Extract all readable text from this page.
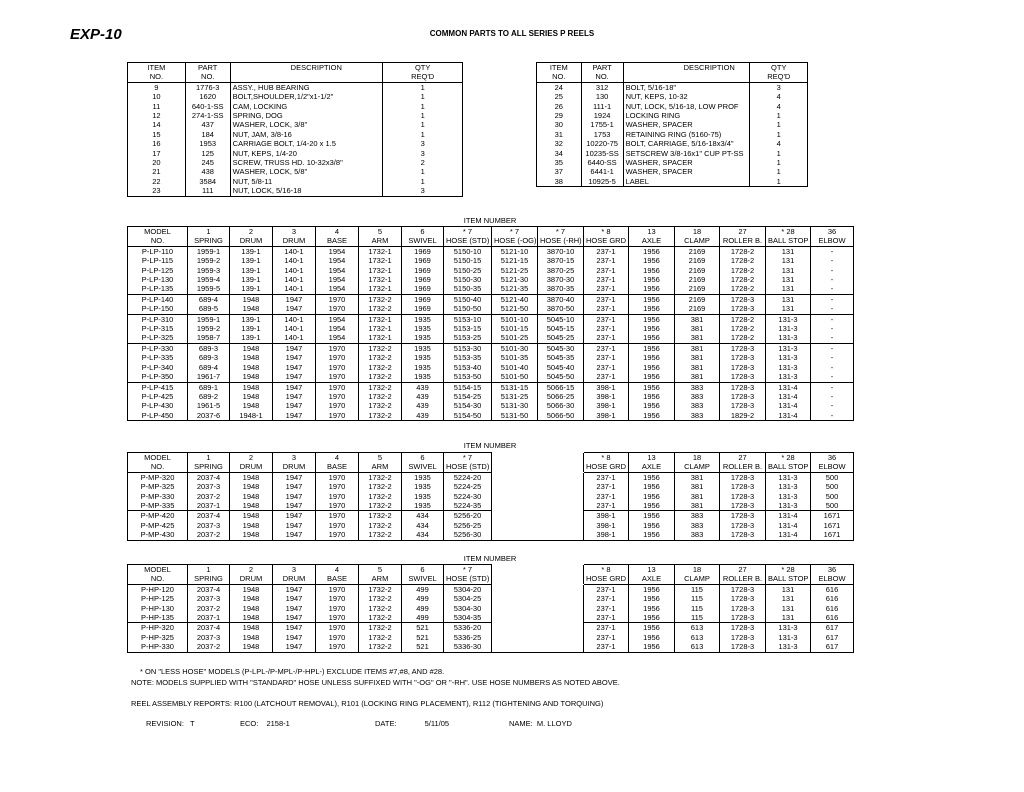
EXP-10	COMMON PARTS TO ALL SERIES P REELS
ITEM	PART	DESCRIPTION	QTY
NO.	NO.		REQ'D
9	1776-3	ASSY., HUB BEARING	1
10	1620	BOLT,SHOULDER,1/2"x1-1/2"	1
11	640-1-SS	CAM, LOCKING	1
12	274-1-SS	SPRING, DOG	1
14	437	WASHER, LOCK, 3/8"	1
15	184	NUT, JAM, 3/8-16	1
16	1953	CARRIAGE BOLT, 1/4-20 x 1.5	3
17	125	NUT, KEPS, 1/4-20	3
20	245	SCREW, TRUSS HD. 10-32x3/8"	2
21	438	WASHER, LOCK, 5/8"	1
22	3584	NUT, 5/8-11	1
23	111	NUT, LOCK, 5/16-18	3
ITEM	PART	DESCRIPTION	QTY
NO.	NO.		REQ'D
24	312	BOLT, 5/16-18"	3
25	130	NUT, KEPS, 10-32	4
26	111-1	NUT, LOCK, 5/16-18, LOW PROF	4
29	1924	LOCKING RING	1
30	1755-1	WASHER, SPACER	1
31	1753	RETAINING RING (5160-75)	1
32	10220-75	BOLT, CARRIAGE, 5/16-18x3/4"	4
34	10235-SS	SETSCREW 3/8-16x1" CUP PT-SS	1
35	6440-SS	WASHER, SPACER	1
37	6441-1	WASHER, SPACER	1
38	10925-5	LABEL	1
ITEM NUMBER
MODEL	1	2	3	4	5	6	* 7	* 7	* 7	* 8	13	18	27	* 28	36
NO.	SPRING	DRUM	DRUM	BASE	ARM	SWIVEL	HOSE (STD)	HOSE (-OG)	HOSE (-RH)	HOSE GRD	AXLE	CLAMP	ROLLER B.	BALL STOP	ELBOW
P-LP-110	1959-1	139-1	140-1	1954	1732-1	1969	5150-10	5121-10	3870-10	237-1	1956	2169	1728-2	131	-
P-LP-115	1959-2	139-1	140-1	1954	1732-1	1969	5150-15	5121-15	3870-15	237-1	1956	2169	1728-2	131	-
P-LP-125	1959-3	139-1	140-1	1954	1732-1	1969	5150-25	5121-25	3870-25	237-1	1956	2169	1728-2	131	-
P-LP-130	1959-4	139-1	140-1	1954	1732-1	1969	5150-30	5121-30	3870-30	237-1	1956	2169	1728-2	131	-
P-LP-135	1959-5	139-1	140-1	1954	1732-1	1969	5150-35	5121-35	3870-35	237-1	1956	2169	1728-2	131	-
P-LP-140	689-4	1948	1947	1970	1732-2	1969	5150-40	5121-40	3870-40	237-1	1956	2169	1728-3	131	-
P-LP-150	689-5	1948	1947	1970	1732-2	1969	5150-50	5121-50	3870-50	237-1	1956	2169	1728-3	131	-
P-LP-310	1959-1	139-1	140-1	1954	1732-1	1935	5153-10	5101-10	5045-10	237-1	1956	381	1728-2	131-3	-
P-LP-315	1959-2	139-1	140-1	1954	1732-1	1935	5153-15	5101-15	5045-15	237-1	1956	381	1728-2	131-3	-
P-LP-325	1958-7	139-1	140-1	1954	1732-1	1935	5153-25	5101-25	5045-25	237-1	1956	381	1728-2	131-3	-
P-LP-330	689-3	1948	1947	1970	1732-2	1935	5153-30	5101-30	5045-30	237-1	1956	381	1728-3	131-3	-
P-LP-335	689-3	1948	1947	1970	1732-2	1935	5153-35	5101-35	5045-35	237-1	1956	381	1728-3	131-3	-
P-LP-340	689-4	1948	1947	1970	1732-2	1935	5153-40	5101-40	5045-40	237-1	1956	381	1728-3	131-3	-
P-LP-350	1961-7	1948	1947	1970	1732-2	1935	5153-50	5101-50	5045-50	237-1	1956	381	1728-3	131-3	-
P-LP-415	689-1	1948	1947	1970	1732-2	439	5154-15	5131-15	5066-15	398-1	1956	383	1728-3	131-4	-
P-LP-425	689-2	1948	1947	1970	1732-2	439	5154-25	5131-25	5066-25	398-1	1956	383	1728-3	131-4	-
P-LP-430	1961-5	1948	1947	1970	1732-2	439	5154-30	5131-30	5066-30	398-1	1956	383	1728-3	131-4	-
P-LP-450	2037-6	1948-1	1947	1970	1732-2	439	5154-50	5131-50	5066-50	398-1	1956	383	1829-2	131-4	-
ITEM NUMBER
MODEL	1	2	3	4	5	6	* 7			* 8	13	18	27	* 28	36
NO.	SPRING	DRUM	DRUM	BASE	ARM	SWIVEL	HOSE (STD)			HOSE GRD	AXLE	CLAMP	ROLLER B.	BALL STOP	ELBOW
P-MP-320	2037-4	1948	1947	1970	1732-2	1935	5224-20			237-1	1956	381	1728-3	131-3	500
P-MP-325	2037-3	1948	1947	1970	1732-2	1935	5224-25			237-1	1956	381	1728-3	131-3	500
P-MP-330	2037-2	1948	1947	1970	1732-2	1935	5224-30			237-1	1956	381	1728-3	131-3	500
P-MP-335	2037-1	1948	1947	1970	1732-2	1935	5224-35			237-1	1956	381	1728-3	131-3	500
P-MP-420	2037-4	1948	1947	1970	1732-2	434	5256-20			398-1	1956	383	1728-3	131-4	1671
P-MP-425	2037-3	1948	1947	1970	1732-2	434	5256-25			398-1	1956	383	1728-3	131-4	1671
P-MP-430	2037-2	1948	1947	1970	1732-2	434	5256-30			398-1	1956	383	1728-3	131-4	1671
ITEM NUMBER
MODEL	1	2	3	4	5	6	* 7			* 8	13	18	27	* 28	36
NO.	SPRING	DRUM	DRUM	BASE	ARM	SWIVEL	HOSE (STD)			HOSE GRD	AXLE	CLAMP	ROLLER B.	BALL STOP	ELBOW
P-HP-120	2037-4	1948	1947	1970	1732-2	499	5304-20			237-1	1956	115	1728-3	131	616
P-HP-125	2037-3	1948	1947	1970	1732-2	499	5304-25			237-1	1956	115	1728-3	131	616
P-HP-130	2037-2	1948	1947	1970	1732-2	499	5304-30			237-1	1956	115	1728-3	131	616
P-HP-135	2037-1	1948	1947	1970	1732-2	499	5304-35			237-1	1956	115	1728-3	131	616
P-HP-320	2037-4	1948	1947	1970	1732-2	521	5336-20			237-1	1956	613	1728-3	131-3	617
P-HP-325	2037-3	1948	1947	1970	1732-2	521	5336-25			237-1	1956	613	1728-3	131-3	617
P-HP-330	2037-2	1948	1947	1970	1732-2	521	5336-30			237-1	1956	613	1728-3	131-3	617
* ON "LESS HOSE" MODELS (P-LPL-/P-MPL-/P-HPL-) EXCLUDE ITEMS #7,#8, AND #28.
NOTE: MODELS SUPPLIED WITH "STANDARD" HOSE UNLESS SUFFIXED WITH "-OG" OR "-RH". USE HOSE NUMBERS AS NOTED ABOVE.
REEL ASSEMBLY REPORTS: R100 (LATCHOUT REMOVAL), R101 (LOCKING RING PLACEMENT), R112 (TIGHTENING AND TORQUING)
REVISION: T	ECO: 2158-1	DATE:	5/11/05	NAME: M. LLOYD
